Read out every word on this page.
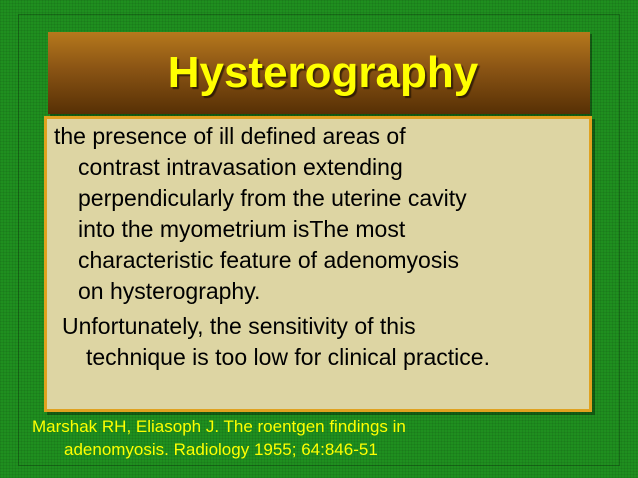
Hysterography

the presence of ill defined areas of
contrast intravasation extending
perpendicularly from the uterine cavity
into the myometrium isThe most
characteristic feature of adenomyosis
on hysterography.

Unfortunately, the sensitivity of this
technique is too low for clinical practice.

Marshak RH, Eliasoph J. The roentgen findings in
adenomyosis. Radiology 1955; 64:846-51
